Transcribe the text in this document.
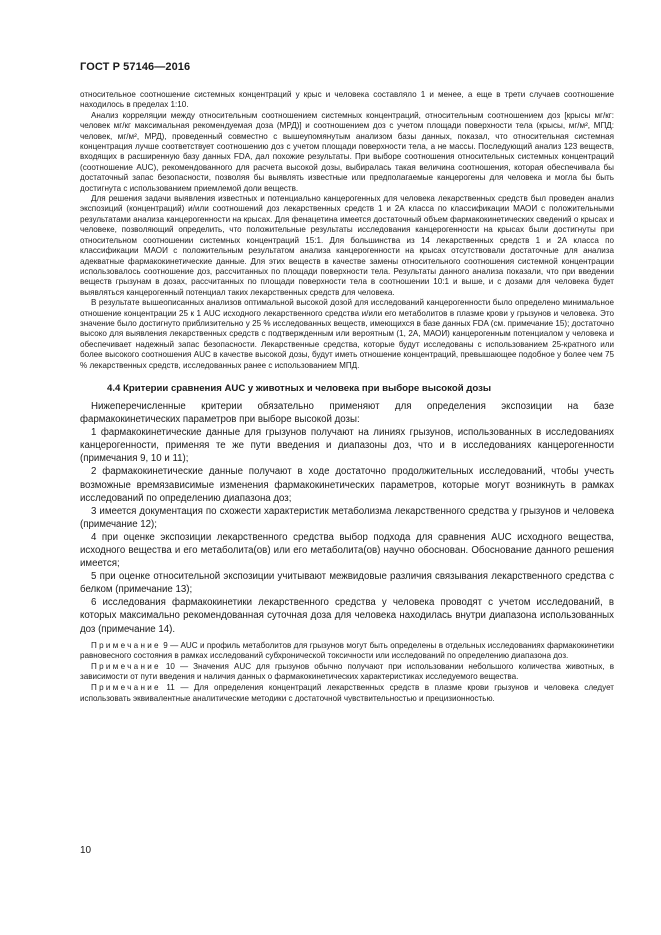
ГОСТ Р 57146—2016

относительное соотношение системных концентраций у крыс и человека составляло 1 и менее, а еще в трети случаев соотношение находилось в пределах 1:10.

Анализ корреляции между относительным соотношением системных концентраций, относительным соотношением доз [крысы мг/кг: человек мг/кг максимальная рекомендуемая доза (МРД)] и соотношением доз с учетом площади поверхности тела (крысы, мг/м², МПД: человек, мг/м², МРД), проведенный совместно с вышеупомянутым анализом базы данных, показал, что относительная системная концентрация лучше соответствует соотношению доз с учетом площади поверхности тела, а не массы. Последующий анализ 123 веществ, входящих в расширенную базу данных FDA, дал похожие результаты. При выборе соотношения относительных системных концентраций (соотношение AUC), рекомендованного для расчета высокой дозы, выбиралась такая величина соотношения, которая обеспечивала бы достаточный запас безопасности, позволяя бы выявлять известные или предполагаемые канцерогены для человека и могла бы быть достигнута с использованием приемлемой доли веществ.

Для решения задачи выявления известных и потенциально канцерогенных для человека лекарственных средств был проведен анализ экспозиций (концентраций) и/или соотношений доз лекарственных средств 1 и 2А класса по классификации МАОИ с положительными результатами анализа канцерогенности на крысах. Для фенацетина имеется достаточный объем фармакокинетических сведений о крысах и человеке, позволяющий определить, что положительные результаты исследования канцерогенности на крысах были достигнуты при относительном соотношении системных концентраций 15:1. Для большинства из 14 лекарственных средств 1 и 2А класса по классификации МАОИ с положительным результатом анализа канцерогенности на крысах отсутствовали достаточные для анализа адекватные фармакокинетические данные. Для этих веществ в качестве замены относительного соотношения системной концентрации использовалось соотношение доз, рассчитанных по площади поверхности тела. Результаты данного анализа показали, что при введении веществ грызунам в дозах, рассчитанных по площади поверхности тела в соотношении 10:1 и выше, и с дозами для человека будет выявляться канцерогенный потенциал таких лекарственных средств для человека.

В результате вышеописанных анализов оптимальной высокой дозой для исследований канцерогенности было определено минимальное отношение концентрации 25 к 1 AUC исходного лекарственного средства и/или его метаболитов в плазме крови у грызунов и человека. Это значение было достигнуто приблизительно у 25 % исследованных веществ, имеющихся в базе данных FDA (см. примечание 15); достаточно высоко для выявления лекарственных средств с подтвержденным или вероятным (1, 2А, МАОИ) канцерогенным потенциалом у человека и обеспечивает надежный запас безопасности. Лекарственные средства, которые будут исследованы с использованием 25-кратного или более высокого соотношения AUC в качестве высокой дозы, будут иметь отношение концентраций, превышающее подобное у более чем 75 % лекарственных средств, исследованных ранее с использованием МПД.

4.4 Критерии сравнения AUC у животных и человека при выборе высокой дозы

Нижеперечисленные критерии обязательно применяют для определения экспозиции на базе фармакокинетических параметров при выборе высокой дозы:

1 фармакокинетические данные для грызунов получают на линиях грызунов, использованных в исследованиях канцерогенности, применяя те же пути введения и диапазоны доз, что и в исследованиях канцерогенности (примечания 9, 10 и 11);

2 фармакокинетические данные получают в ходе достаточно продолжительных исследований, чтобы учесть возможные времязависимые изменения фармакокинетических параметров, которые могут возникнуть в рамках исследований по определению диапазона доз;

3 имеется документация по схожести характеристик метаболизма лекарственного средства у грызунов и человека (примечание 12);

4 при оценке экспозиции лекарственного средства выбор подхода для сравнения AUC исходного вещества, исходного вещества и его метаболита(ов) или его метаболита(ов) научно обоснован. Обоснование данного решения имеется;

5 при оценке относительной экспозиции учитывают межвидовые различия связывания лекарственного средства с белком (примечание 13);

6 исследования фармакокинетики лекарственного средства у человека проводят с учетом исследований, в которых максимально рекомендованная суточная доза для человека находилась внутри диапазона использованных доз (примечание 14).

Примечание 9 — AUC и профиль метаболитов для грызунов могут быть определены в отдельных исследованиях фармакокинетики равновесного состояния в рамках исследований субхронической токсичности или исследований по определению диапазона доз.

Примечание 10 — Значения AUC для грызунов обычно получают при использовании небольшого количества животных, в зависимости от пути введения и наличия данных о фармакокинетических характеристиках исследуемого вещества.

Примечание 11 — Для определения концентраций лекарственных средств в плазме крови грызунов и человека следует использовать эквивалентные аналитические методики с достаточной чувствительностью и прецизионностью.

10
